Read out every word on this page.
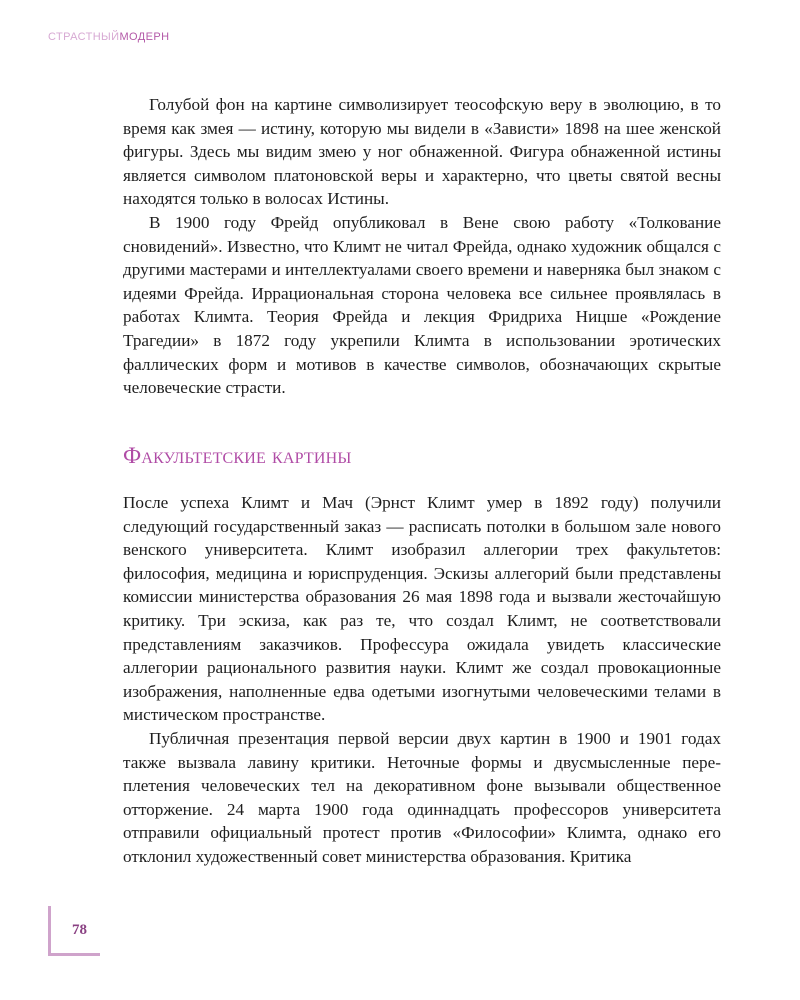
СТРАСТНЫЙМОДЕРН

Голубой фон на картине символизирует теософскую веру в эволюцию, в то время как змея — истину, которую мы видели в «Зависти» 1898 на шее женской фигуры. Здесь мы видим змею у ног обнаженной. Фигура обнаженной истины является символом платоновской веры и характерно, что цветы святой весны находятся только в волосах Истины.

В 1900 году Фрейд опубликовал в Вене свою работу «Толкование сновидений». Известно, что Климт не читал Фрейда, однако художник общался с другими мастерами и интеллектуалами своего времени и наверняка был знаком с идеями Фрейда. Иррациональная сторона человека все сильнее проявлялась в работах Климта. Теория Фрейда и лекция Фридриха Ницше «Рождение Трагедии» в 1872 году укрепили Климта в использовании эротических фаллических форм и мотивов в качестве символов, обозначающих скрытые человеческие страсти.

Факультетские картины

После успеха Климт и Мач (Эрнст Климт умер в 1892 году) получили следующий государственный заказ — расписать потолки в большом зале нового венского университета. Климт изобразил аллегории трех факультетов: философия, медицина и юриспруденция. Эскизы аллегорий были представлены комиссии министерства образования 26 мая 1898 года и вызвали жесточайшую критику. Три эскиза, как раз те, что создал Климт, не соответствовали представлениям заказчиков. Профессура ожидала увидеть классические аллегории рационального развития науки. Климт же создал провокационные изображения, наполненные едва одетыми изогнутыми человеческими телами в мистическом пространстве.

Публичная презентация первой версии двух картин в 1900 и 1901 годах также вызвала лавину критики. Неточные формы и двусмысленные переплетения человеческих тел на декоративном фоне вызывали общественное отторжение. 24 марта 1900 года одиннадцать профессоров университета отправили официальный протест против «Философии» Климта, однако его отклонил художественный совет министерства образования. Критика

78
